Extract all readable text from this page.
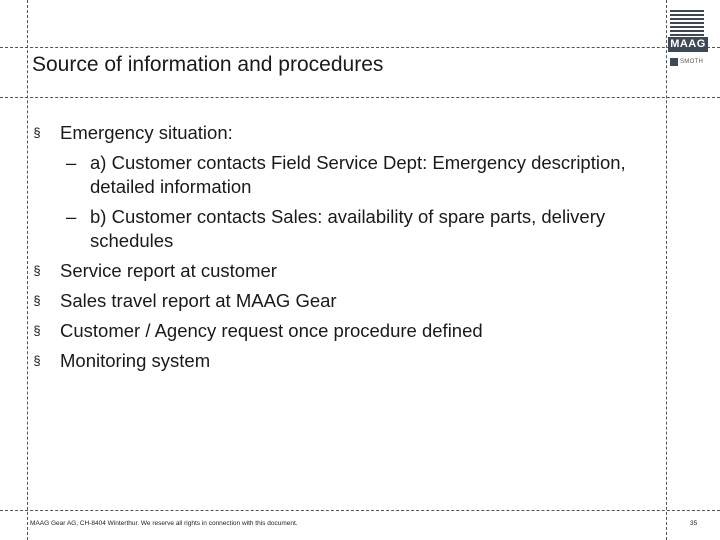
Source of information and procedures
MAAG
SMOTH
§ Emergency situation:
– a) Customer contacts Field Service Dept: Emergency description, detailed information
– b) Customer contacts Sales: availability of spare parts, delivery schedules
§ Service report at customer
§ Sales travel report at MAAG Gear
§ Customer / Agency request once procedure defined
§ Monitoring system
MAAG Gear AG, CH-8404 Winterthur. We reserve all rights in connection with this document.	35
